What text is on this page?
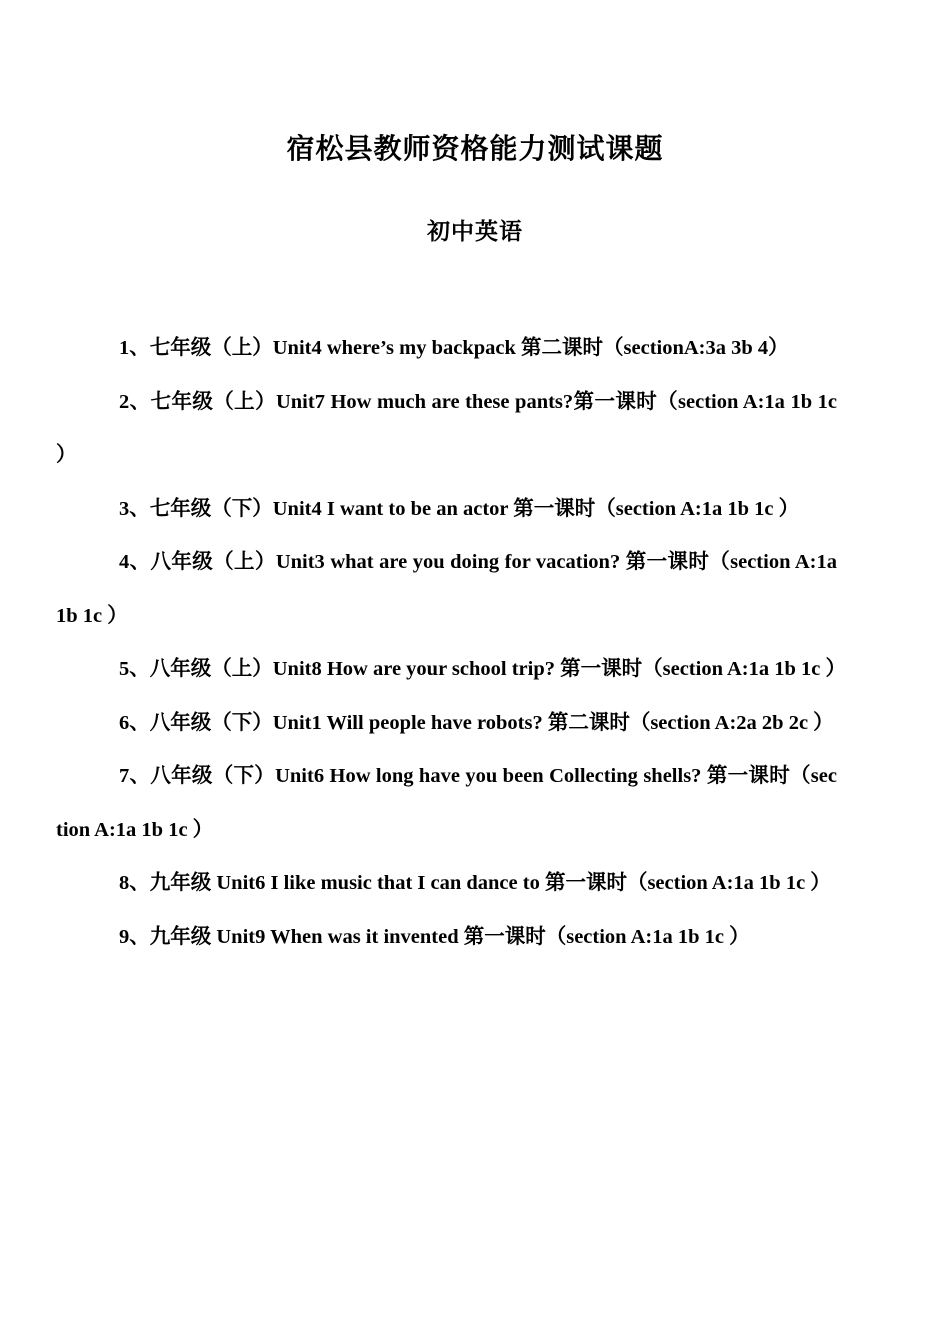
宿松县教师资格能力测试课题
初中英语

1、七年级（上）Unit4 where’s my backpack 第二课时（sectionA:3a 3b 4）

2、七年级（上）Unit7 How much are these pants?第一课时（section A:1a 1b 1c ）

3、七年级（下）Unit4 I want to be an actor 第一课时（section A:1a 1b 1c ）

4、八年级（上）Unit3 what are you doing for vacation? 第一课时（section A:1a 1b 1c ）

5、八年级（上）Unit8 How are your school trip? 第一课时（section A:1a 1b 1c ）

6、八年级（下）Unit1 Will people have robots? 第二课时（section A:2a 2b 2c ）

7、八年级（下）Unit6 How long have you been Collecting shells? 第一课时（section A:1a 1b 1c ）

8、九年级 Unit6 I like music that I can dance to 第一课时（section A:1a 1b 1c ）

9、九年级 Unit9 When was it invented 第一课时（section A:1a 1b 1c ）
